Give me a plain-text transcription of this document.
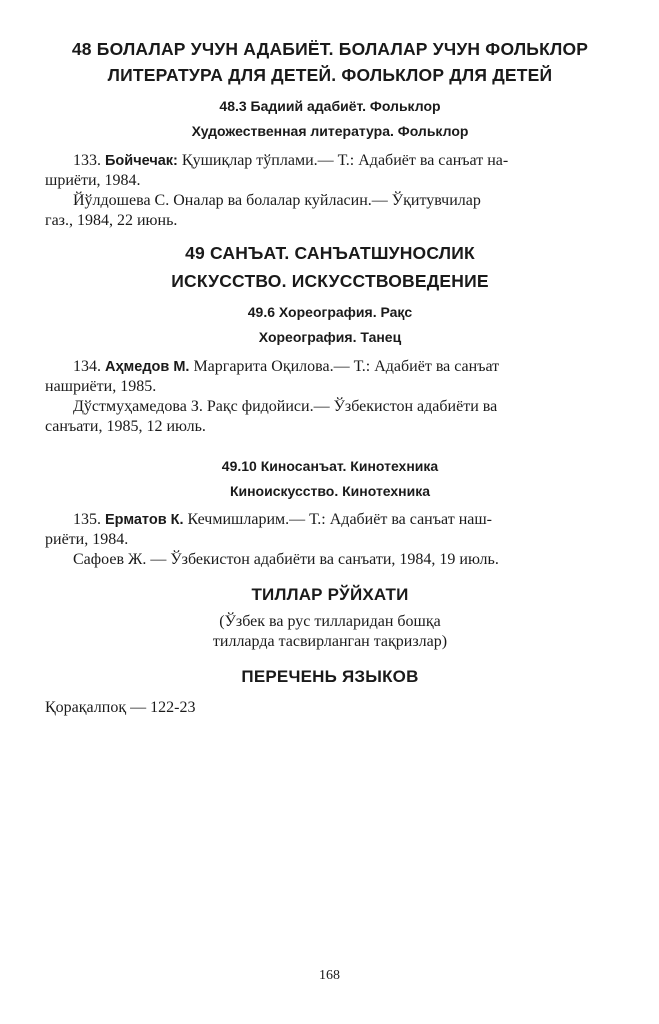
48 БОЛАЛАР УЧУН АДАБИЁТ. БОЛАЛАР УЧУН ФОЛЬКЛОР

ЛИТЕРАТУРА ДЛЯ ДЕТЕЙ. ФОЛЬКЛОР ДЛЯ ДЕТЕЙ

48.3 Бадиий адабиёт. Фольклор

Художественная литература. Фольклор

133. Бойчечак: Қушиқлар тўплами.— Т.: Адабиёт ва санъат на-
шриёти, 1984.
Йўлдошева С. Оналар ва болалар куйласин.— Ўқитувчилар
газ., 1984, 22 июнь.

49 САНЪАТ. САНЪАТШУНОСЛИК

ИСКУССТВО. ИСКУССТВОВЕДЕНИЕ

49.6 Хореография. Рақс

Хореография. Танец

134. Аҳмедов М. Маргарита Оқилова.— Т.: Адабиёт ва санъат
нашриёти, 1985.
Дўстмуҳамедова З. Рақс фидойиси.— Ўзбекистон адабиёти ва
санъати, 1985, 12 июль.

49.10 Киносанъат. Кинотехника

Киноискусство. Кинотехника

135. Ерматов К. Кечмишларим.— Т.: Адабиёт ва санъат наш-
риёти, 1984.
Сафоев Ж. — Ўзбекистон адабиёти ва санъати, 1984, 19 июль.

ТИЛЛАР РЎЙХАТИ

(Ўзбек ва рус тилларидан бошқа

тилларда тасвирланган тақризлар)

ПЕРЕЧЕНЬ ЯЗЫКОВ

Қорақалпоқ — 122-23

168
